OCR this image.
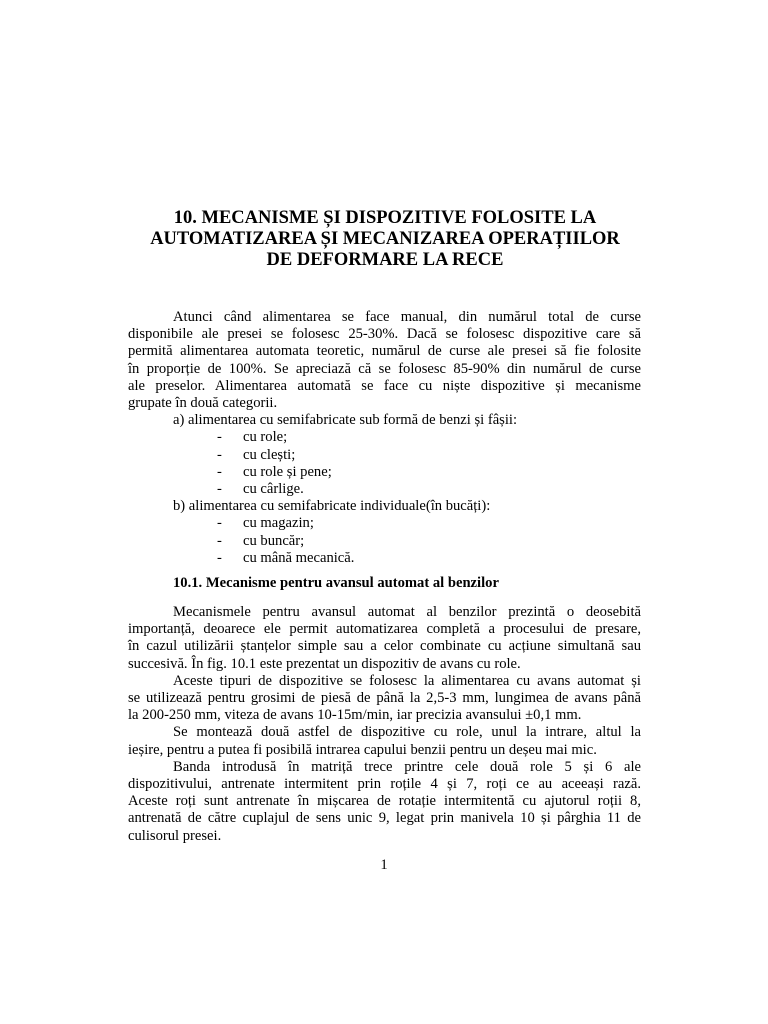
10. MECANISME ȘI DISPOZITIVE FOLOSITE LA
AUTOMATIZAREA ȘI MECANIZAREA OPERAȚIILOR
DE DEFORMARE LA RECE
Atunci când alimentarea se face manual, din numărul total de curse
disponibile ale presei se folosesc 25-30%. Dacă se folosesc dispozitive care să
permită alimentarea automata teoretic, numărul de curse ale presei să fie folosite
în proporție de 100%. Se apreciază că se folosesc 85-90% din numărul de curse
ale preselor. Alimentarea automată se face cu niște dispozitive și mecanisme
grupate în două categorii.
a) alimentarea cu semifabricate sub formă de benzi și fâșii:
- cu role;
- cu clești;
- cu role și pene;
- cu cârlige.
b) alimentarea cu semifabricate individuale(în bucăți):
- cu magazin;
- cu buncăr;
- cu mână mecanică.
10.1. Mecanisme pentru avansul automat al benzilor
Mecanismele pentru avansul automat al benzilor prezintă o deosebită
importanță, deoarece ele permit automatizarea completă a procesului de presare,
în cazul utilizării ștanțelor simple sau a celor combinate cu acțiune simultană sau
succesivă. În fig. 10.1 este prezentat un dispozitiv de avans cu role.
Aceste tipuri de dispozitive se folosesc la alimentarea cu avans automat și
se utilizează pentru grosimi de piesă de până la 2,5-3 mm, lungimea de avans până
la 200-250 mm, viteza de avans 10-15m/min, iar precizia avansului ±0,1 mm.
Se montează două astfel de dispozitive cu role, unul la intrare, altul la
ieșire, pentru a putea fi posibilă intrarea capului benzii pentru un deșeu mai mic.
Banda introdusă în matriță trece printre cele două role 5 și 6 ale
dispozitivului, antrenate intermitent prin roțile 4 și 7, roți ce au aceeași rază.
Aceste roți sunt antrenate în mișcarea de rotație intermitentă cu ajutorul roții 8,
antrenată de către cuplajul de sens unic 9, legat prin manivela 10 și pârghia 11 de
culisorul presei.
1
